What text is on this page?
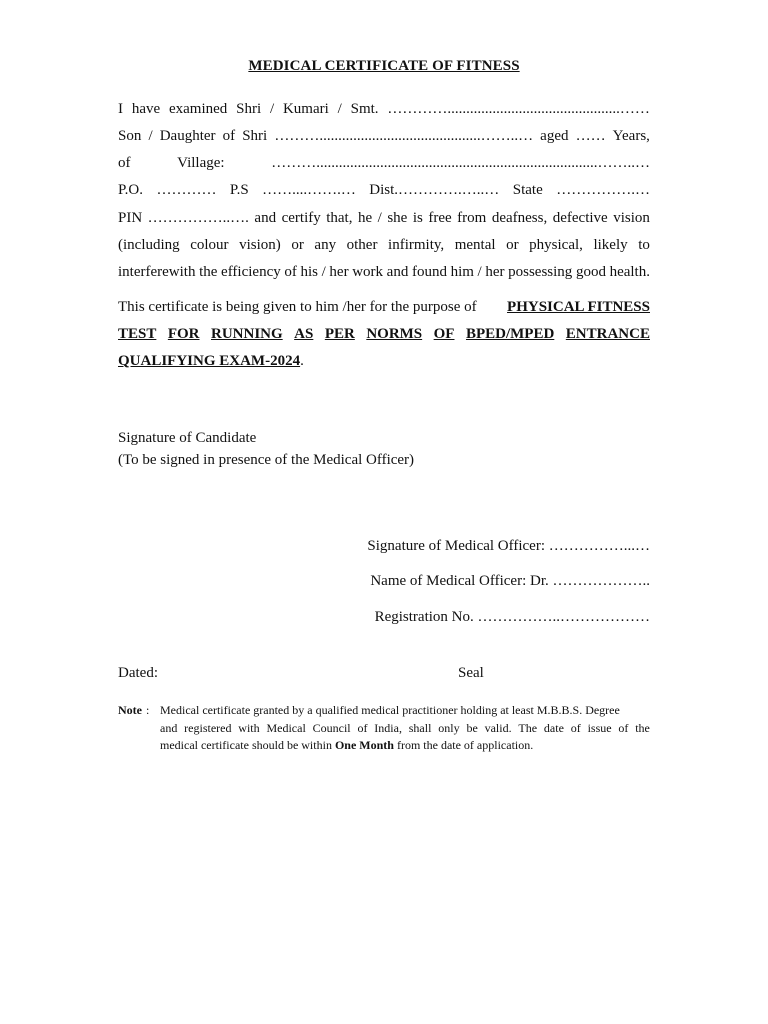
MEDICAL CERTIFICATE OF FITNESS
I have examined Shri / Kumari / Smt. …………..............................................……
Son / Daughter of Shri ………...........................................……..… aged …… Years,
of	Village:	………...........................................................................……..…
P.O. ………… P.S ……....…….… Dist.………….…..… State …………….…
PIN ……………..…. and certify that, he / she is free from deafness, defective vision
(including colour vision) or any other infirmity, mental or physical, likely to
interferewith the efficiency of his / her work and found him / her possessing good health.
This certificate is being given to him /her for the purpose of PHYSICAL FITNESS
TEST FOR RUNNING AS PER NORMS OF BPED/MPED ENTRANCE
QUALIFYING EXAM-2024.
Signature of Candidate
(To be signed in presence of the Medical Officer)
Signature of Medical Officer: ……………...…
Name of Medical Officer: Dr. ………………..
Registration No. ……………..………………
Dated:	Seal
Note : Medical certificate granted by a qualified medical practitioner holding at least M.B.B.S. Degree
and registered with Medical Council of India, shall only be valid. The date of issue of the
medical certificate should be within One Month from the date of application.
